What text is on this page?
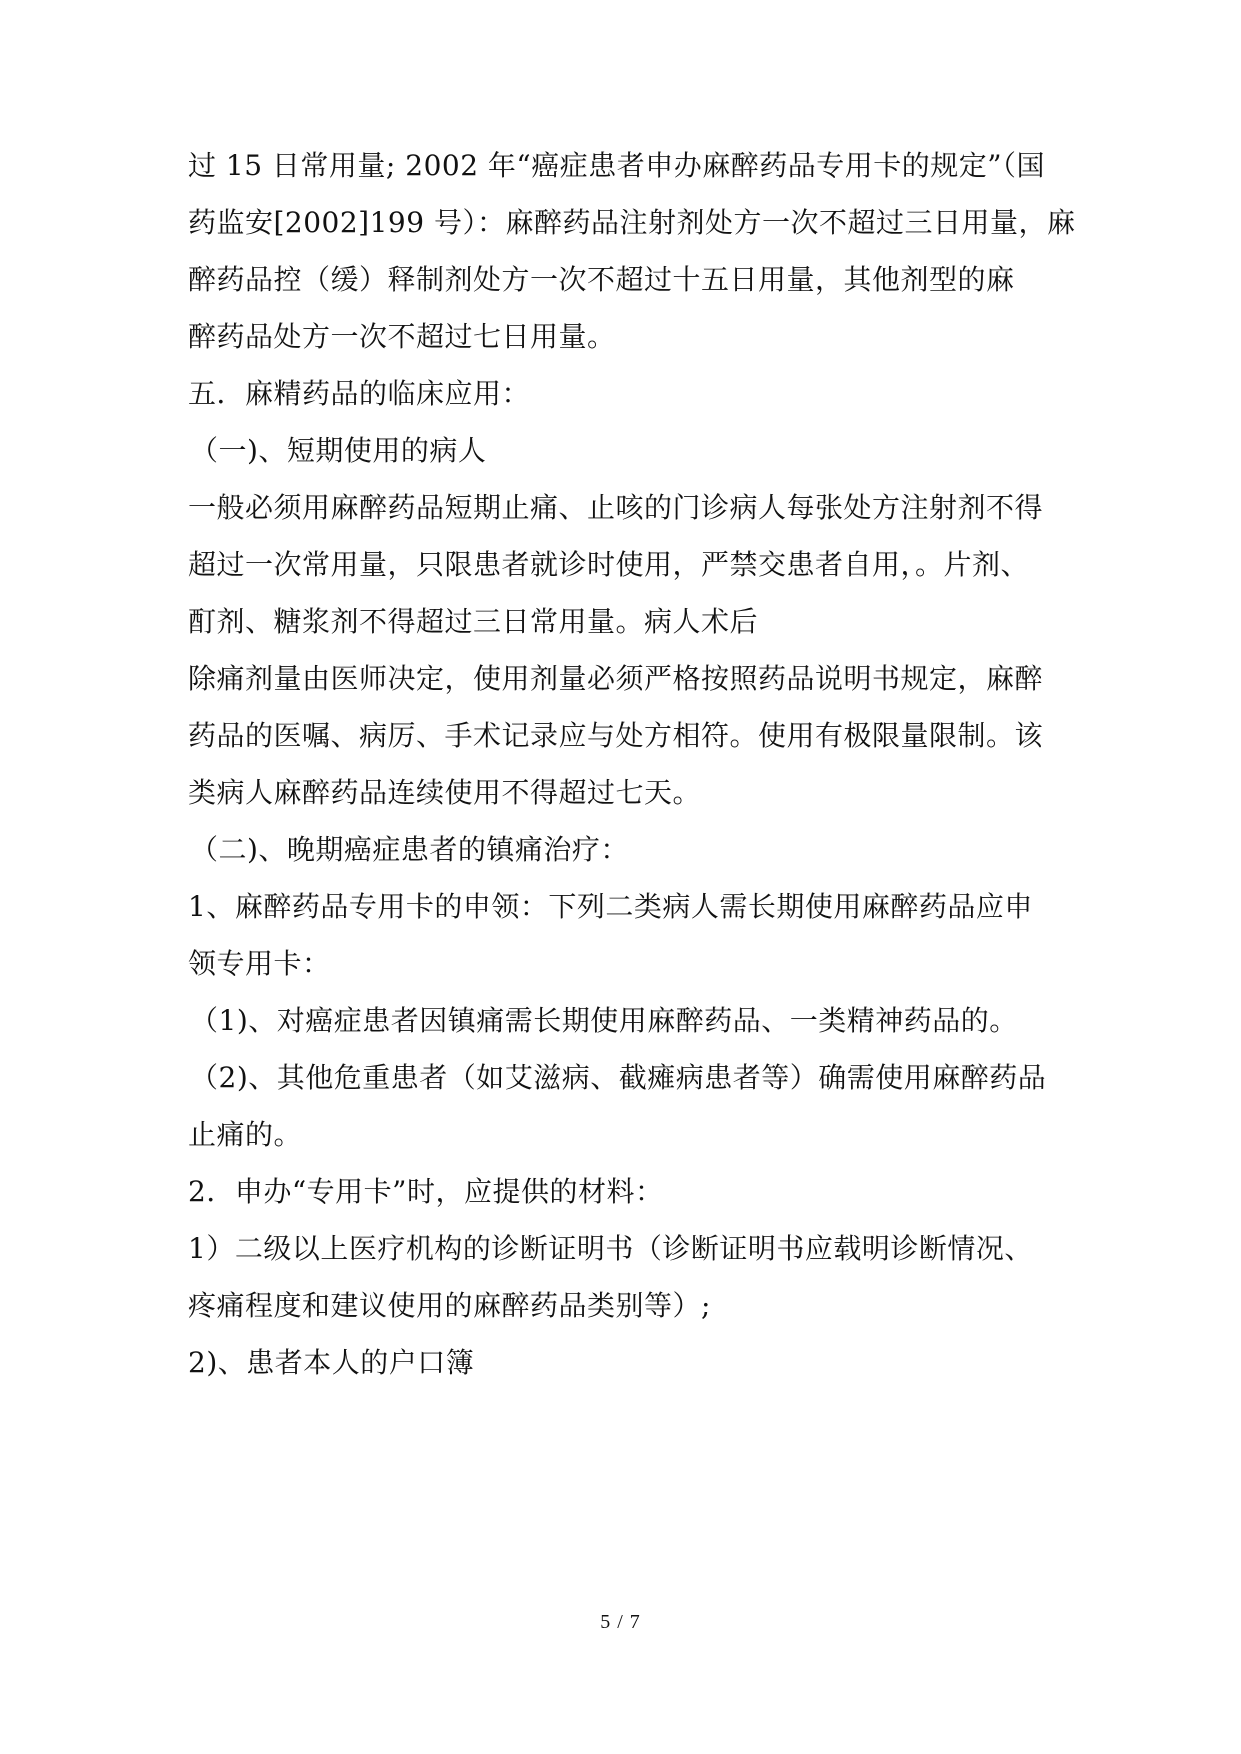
过 15 日常用量; 2002 年“癌症患者申办麻醉药品专用卡的规定”（国
药监安[2002]199 号）：麻醉药品注射剂处方一次不超过三日用量，麻
醉药品控（缓）释制剂处方一次不超过十五日用量，其他剂型的麻
醉药品处方一次不超过七日用量。
五．麻精药品的临床应用：
（一)、短期使用的病人
一般必须用麻醉药品短期止痛、止咳的门诊病人每张处方注射剂不得
超过一次常用量，只限患者就诊时使用，严禁交患者自用，。片剂、
酊剂、糖浆剂不得超过三日常用量。病人术后
除痛剂量由医师决定，使用剂量必须严格按照药品说明书规定，麻醉
药品的医嘱、病厉、手术记录应与处方相符。使用有极限量限制。该
类病人麻醉药品连续使用不得超过七天。
（二)、晚期癌症患者的镇痛治疗：
1、麻醉药品专用卡的申领：下列二类病人需长期使用麻醉药品应申
领专用卡：
（1)、对癌症患者因镇痛需长期使用麻醉药品、一类精神药品的。
（2)、其他危重患者（如艾滋病、截瘫病患者等）确需使用麻醉药品
止痛的。
2．申办“专用卡”时，应提供的材料：
1）二级以上医疗机构的诊断证明书（诊断证明书应载明诊断情况、
疼痛程度和建议使用的麻醉药品类别等）;
2)、患者本人的户口簿
5 / 7
